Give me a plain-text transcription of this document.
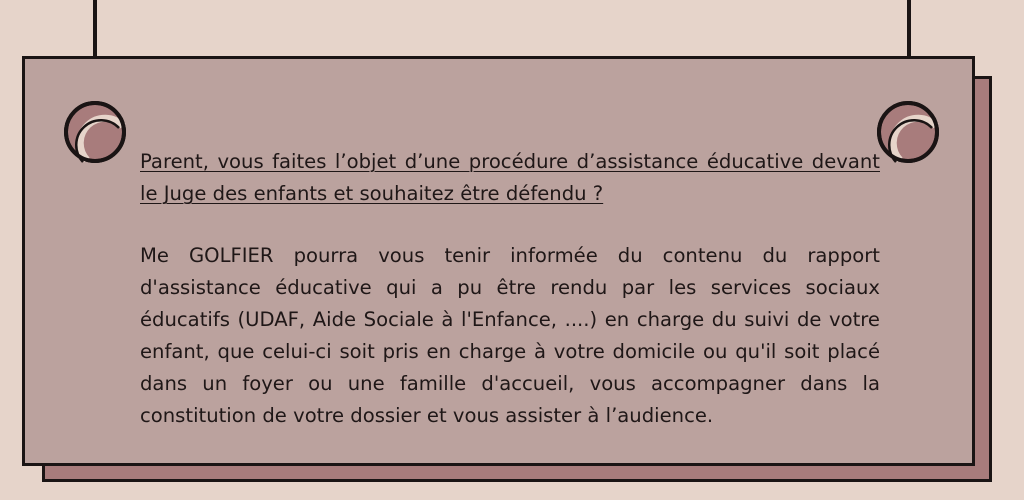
Parent, vous faites l’objet d’une procédure d’assistance éducative devant le Juge des enfants et souhaitez être défendu ?

Me GOLFIER pourra vous tenir informée du contenu du rapport d'assistance éducative qui a pu être rendu par les services sociaux éducatifs (UDAF, Aide Sociale à l'Enfance, ....) en charge du suivi de votre enfant, que celui-ci soit pris en charge à votre domicile ou qu'il soit placé dans un foyer ou une famille d'accueil, vous accompagner dans la constitution de votre dossier et vous assister à l’audience.
